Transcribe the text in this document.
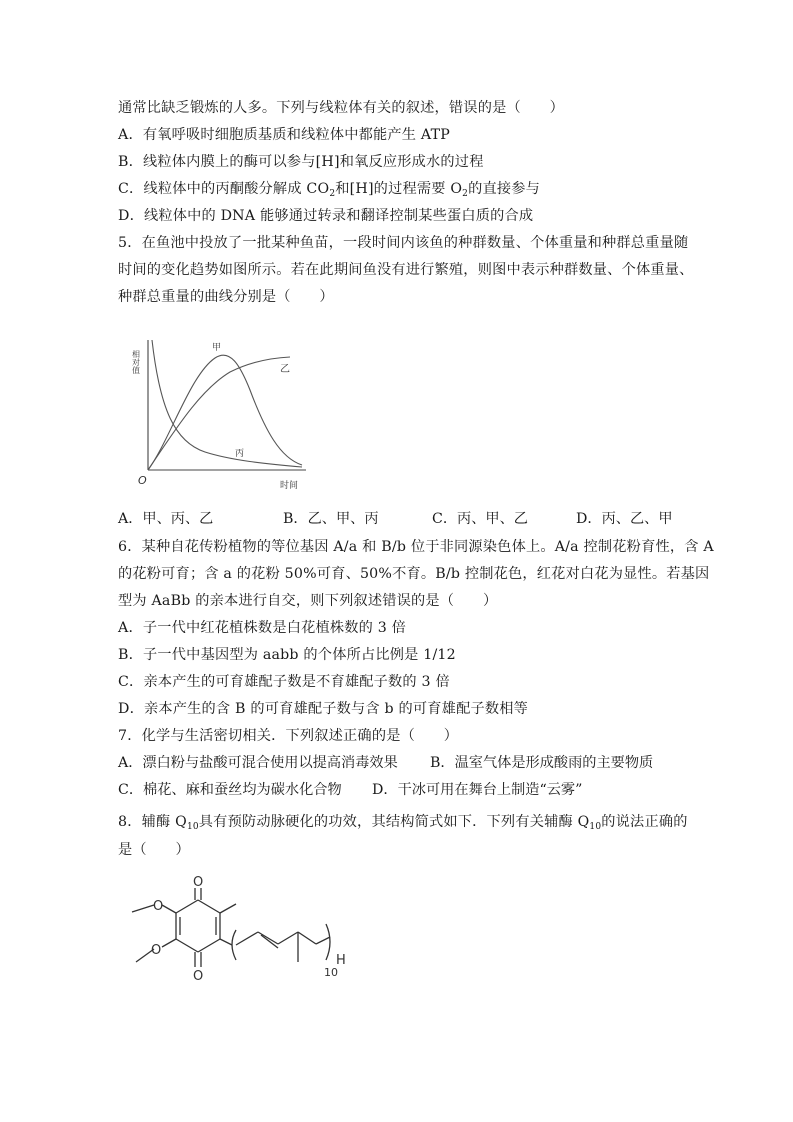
通常比缺乏锻炼的人多。下列与线粒体有关的叙述，错误的是（　　）
A．有氧呼吸时细胞质基质和线粒体中都能产生 ATP
B．线粒体内膜上的酶可以参与[H]和氧反应形成水的过程
C．线粒体中的丙酮酸分解成 $CO_2$和[H]的过程需要 $O_2$的直接参与
D．线粒体中的 DNA 能够通过转录和翻译控制某些蛋白质的合成
5．在鱼池中投放了一批某种鱼苗，一段时间内该鱼的种群数量、个体重量和种群总重量随
时间的变化趋势如图所示。若在此期间鱼没有进行繁殖，则图中表示种群数量、个体重量、
种群总重量的曲线分别是（　　）
相对值
时间
O
甲
乙
丙
A．甲、丙、乙	B．乙、甲、丙	C．丙、甲、乙	D．丙、乙、甲
6．某种自花传粉植物的等位基因 A/a 和 B/b 位于非同源染色体上。A/a 控制花粉育性，含 A
的花粉可育；含 a 的花粉 50%可育、50%不育。B/b 控制花色，红花对白花为显性。若基因
型为 AaBb 的亲本进行自交，则下列叙述错误的是（　　）
A．子一代中红花植株数是白花植株数的 3 倍
B．子一代中基因型为 aabb 的个体所占比例是 1/12
C．亲本产生的可育雄配子数是不育雄配子数的 3 倍
D．亲本产生的含 B 的可育雄配子数与含 b 的可育雄配子数相等
7．化学与生活密切相关．下列叙述正确的是（　　）
A．漂白粉与盐酸可混合使用以提高消毒效果 B．温室气体是形成酸雨的主要物质
C．棉花、麻和蚕丝均为碳水化合物 D．干冰可用在舞台上制造“云雾”
8．辅酶 $Q_{10}$具有预防动脉硬化的功效，其结构简式如下．下列有关辅酶 $Q_{10}$的说法正确的
是（　　）
O
O
O
O
H
10
